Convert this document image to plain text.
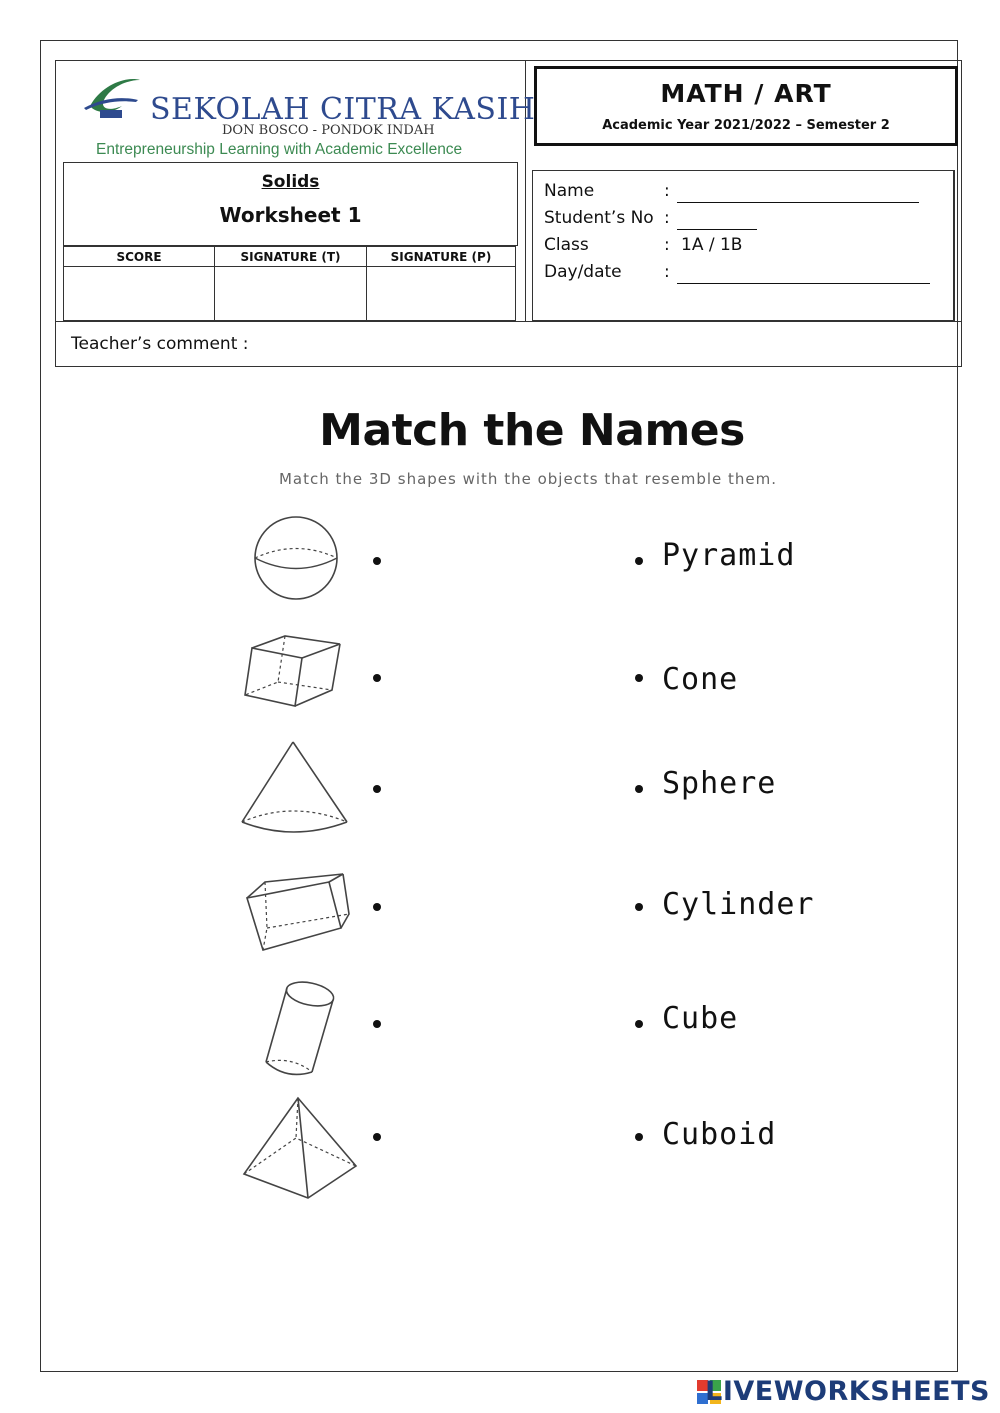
SEKOLAH CITRA KASIH
DON BOSCO - PONDOK INDAH
Entrepreneurship Learning with Academic Excellence
MATH / ART
Academic Year 2021/2022 – Semester 2
Solids
Worksheet 1
SCORE	SIGNATURE (T)	SIGNATURE (P)

Name	:
Student’s No :
Class	: 1A / 1B
Day/date :
Teacher’s comment :
Match the Names
Match the 3D shapes with the objects that resemble them.
Pyramid
Cone
Sphere
Cylinder
Cube
Cuboid
LIVEWORKSHEETS
